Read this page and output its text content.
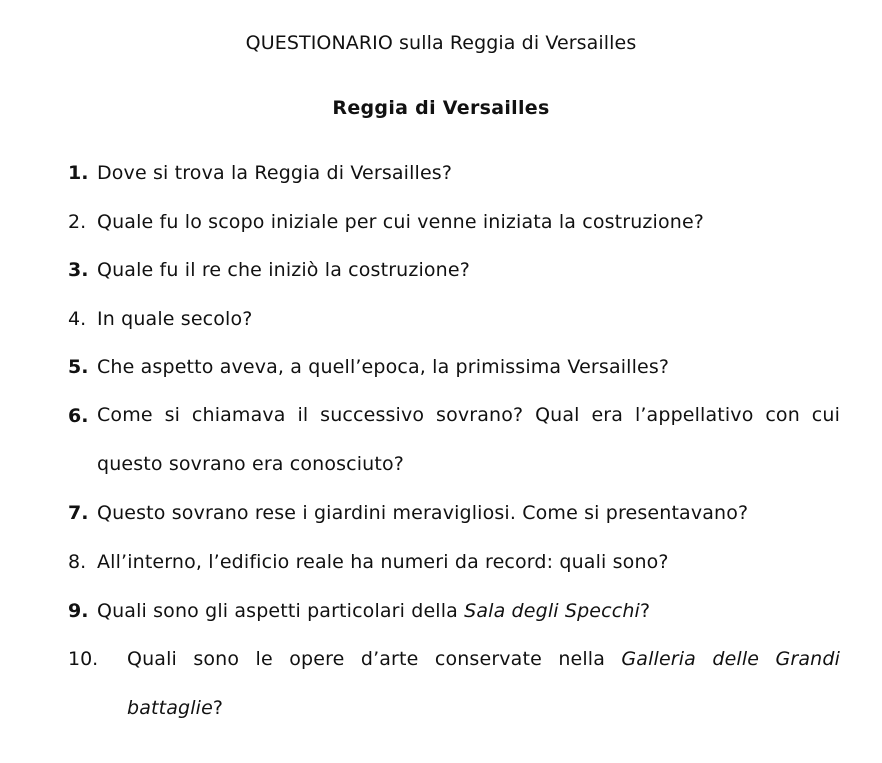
QUESTIONARIO sulla Reggia di Versailles
Reggia di Versailles
1. Dove si trova la Reggia di Versailles?
2. Quale fu lo scopo iniziale per cui venne iniziata la costruzione?
3. Quale fu il re che iniziò la costruzione?
4. In quale secolo?
5. Che aspetto aveva, a quell’epoca, la primissima Versailles?
6. Come si chiamava il successivo sovrano? Qual era l’appellativo con cui questo sovrano era conosciuto?
7. Questo sovrano rese i giardini meravigliosi. Come si presentavano?
8. All’interno, l’edificio reale ha numeri da record: quali sono?
9. Quali sono gli aspetti particolari della Sala degli Specchi?
10.	Quali sono le opere d’arte conservate nella Galleria delle Grandi battaglie?
